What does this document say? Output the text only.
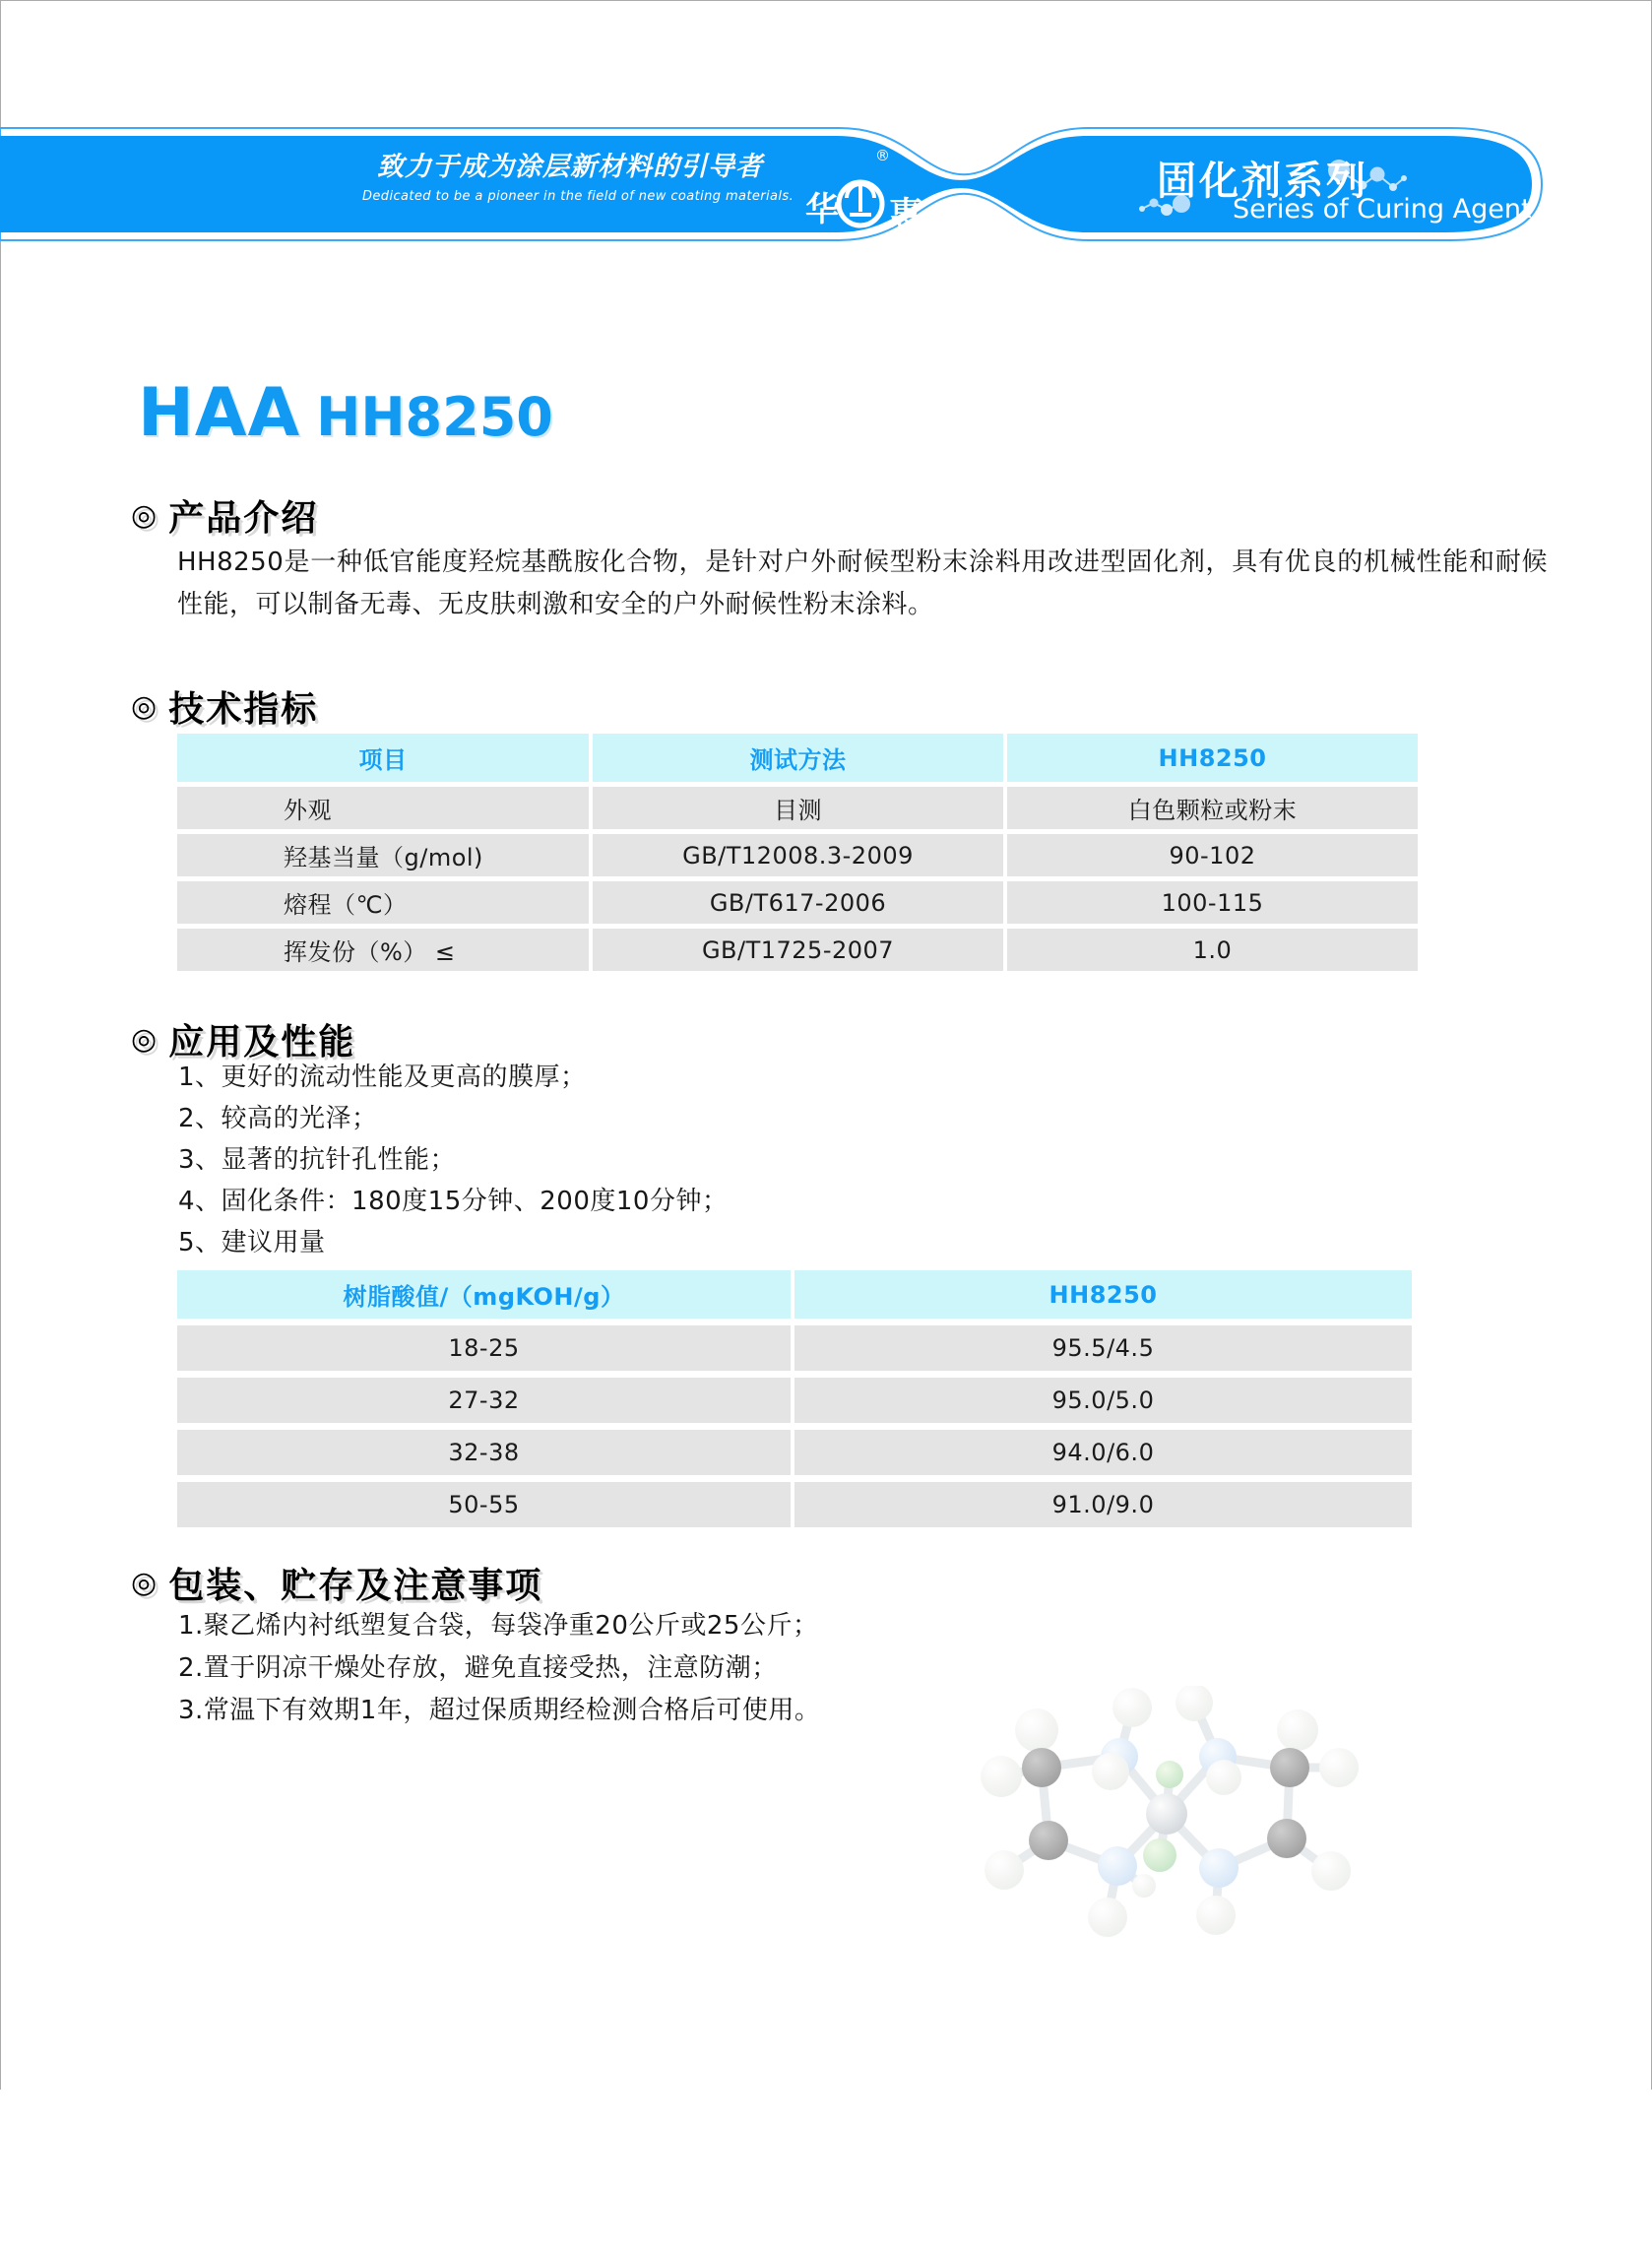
致力于成为涂层新材料的引导者
Dedicated to be a pioneer in the field of new coating materials. 华 惠
®
固化剂系列
Series of Curing Agent
HAA HH8250
◎ 产品介绍
HH8250是一种低官能度羟烷基酰胺化合物，是针对户外耐候型粉末涂料用改进型固化剂，具有优良的机械性能和耐候性能，可以制备无毒、无皮肤刺激和安全的户外耐候性粉末涂料。
◎ 技术指标
项目	测试方法	HH8250
外观	目测	白色颗粒或粉末
羟基当量（g/mol)	GB/T12008.3-2009	90-102
熔程（℃）	GB/T617-2006	100-115
挥发份（%） ≤	GB/T1725-2007	1.0
◎ 应用及性能
1、更好的流动性能及更高的膜厚；
2、较高的光泽；
3、显著的抗针孔性能；
4、固化条件：180度15分钟、200度10分钟；
5、建议用量
树脂酸值/（mgKOH/g）	HH8250
18-25	95.5/4.5
27-32	95.0/5.0
32-38	94.0/6.0
50-55	91.0/9.0
◎ 包装、贮存及注意事项
1.聚乙烯内衬纸塑复合袋，每袋净重20公斤或25公斤；
2.置于阴凉干燥处存放，避免直接受热，注意防潮；
3.常温下有效期1年，超过保质期经检测合格后可使用。
